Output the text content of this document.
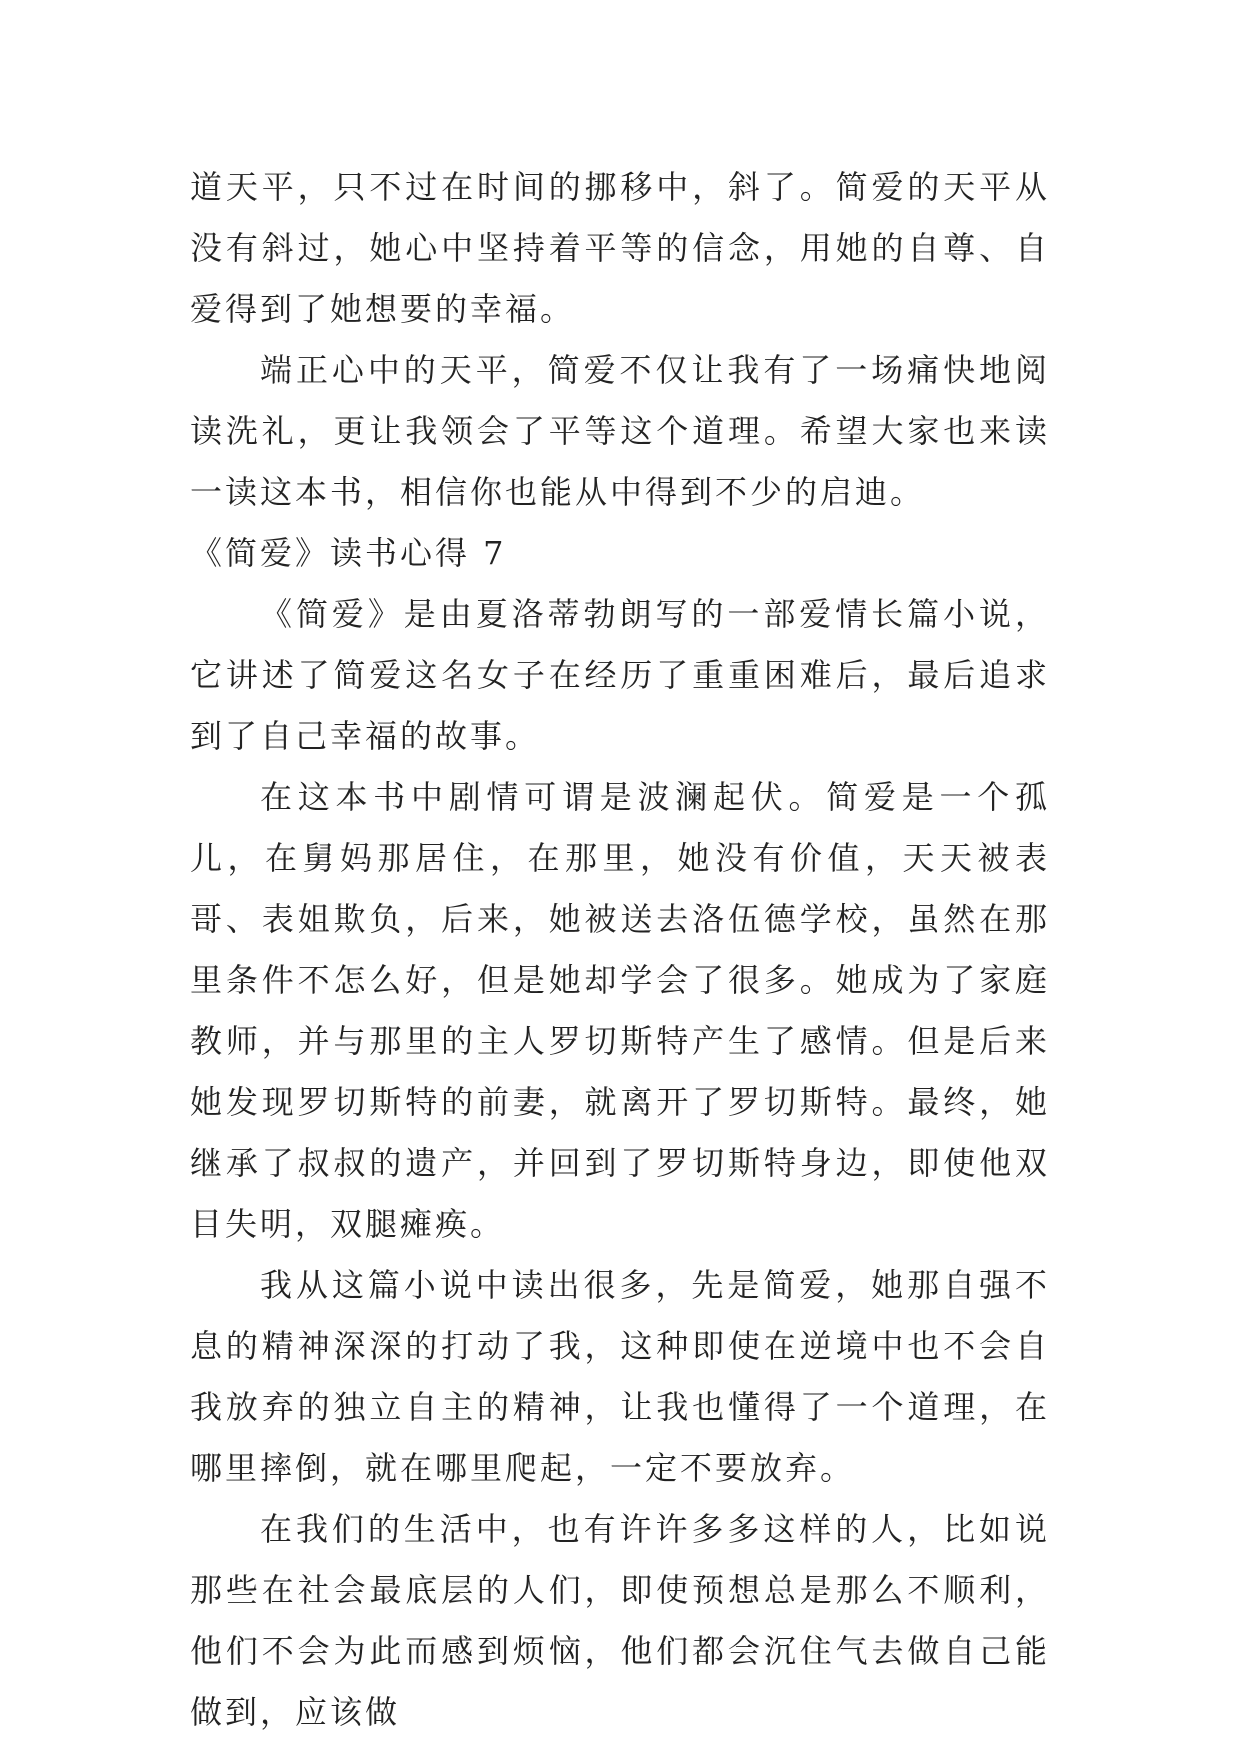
道天平，只不过在时间的挪移中，斜了。简爱的天平从没有斜过，她心中坚持着平等的信念，用她的自尊、自爱得到了她想要的幸福。

端正心中的天平，简爱不仅让我有了一场痛快地阅读洗礼，更让我领会了平等这个道理。希望大家也来读一读这本书，相信你也能从中得到不少的启迪。

《简爱》读书心得 7

《简爱》是由夏洛蒂勃朗写的一部爱情长篇小说，它讲述了简爱这名女子在经历了重重困难后，最后追求到了自己幸福的故事。

在这本书中剧情可谓是波澜起伏。简爱是一个孤儿，在舅妈那居住，在那里，她没有价值，天天被表哥、表姐欺负，后来，她被送去洛伍德学校，虽然在那里条件不怎么好，但是她却学会了很多。她成为了家庭教师，并与那里的主人罗切斯特产生了感情。但是后来她发现罗切斯特的前妻，就离开了罗切斯特。最终，她继承了叔叔的遗产，并回到了罗切斯特身边，即使他双目失明，双腿瘫痪。

我从这篇小说中读出很多，先是简爱，她那自强不息的精神深深的打动了我，这种即使在逆境中也不会自我放弃的独立自主的精神，让我也懂得了一个道理，在哪里摔倒，就在哪里爬起，一定不要放弃。

在我们的生活中，也有许许多多这样的人，比如说那些在社会最底层的人们，即使预想总是那么不顺利，他们不会为此而感到烦恼，他们都会沉住气去做自己能做到，应该做
